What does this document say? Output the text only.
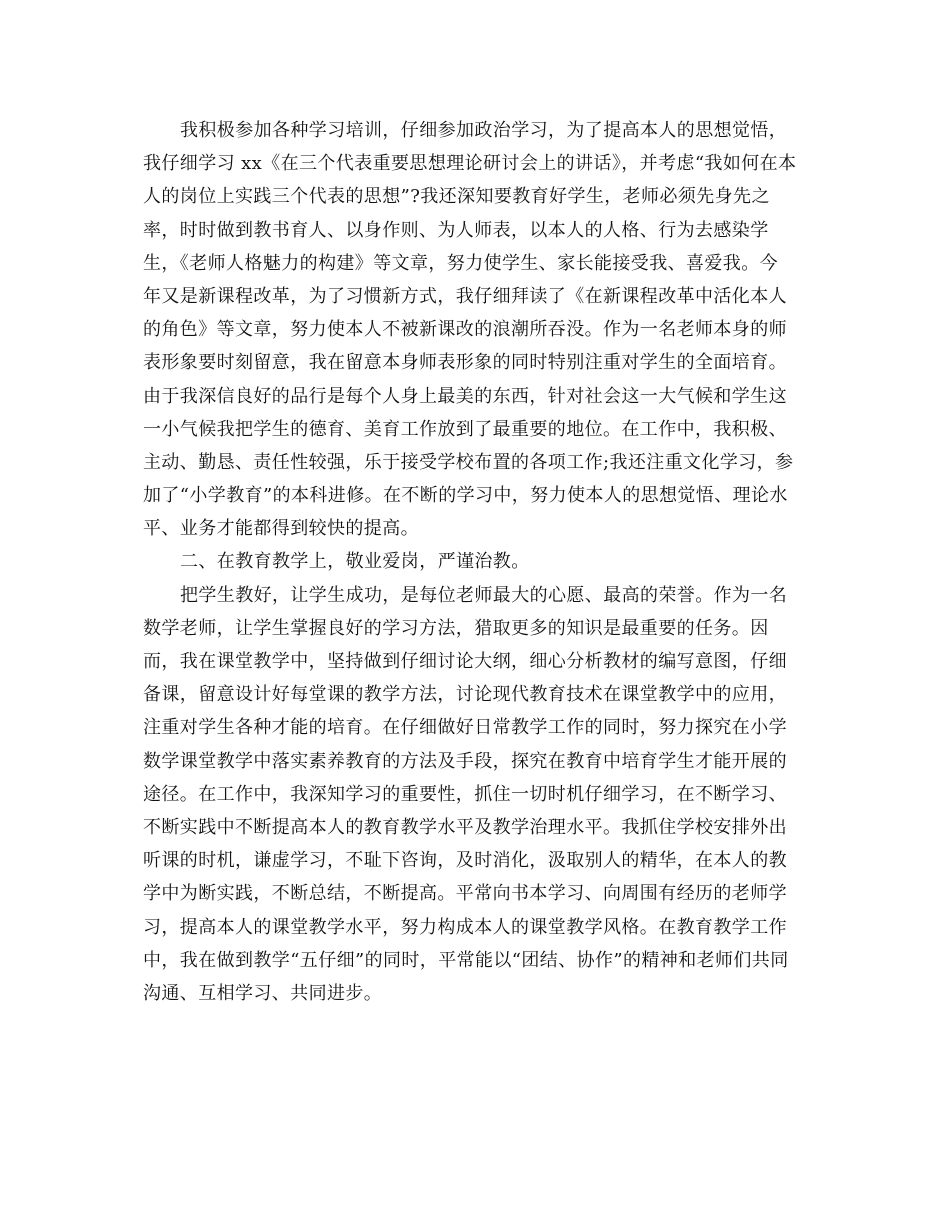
我积极参加各种学习培训，仔细参加政治学习，为了提高本人的思想觉悟，
我仔细学习 xx《在三个代表重要思想理论研讨会上的讲话》，并考虑“我如何在本
人的岗位上实践三个代表的思想”?我还深知要教育好学生，老师必须先身先之
率，时时做到教书育人、以身作则、为人师表，以本人的人格、行为去感染学
生，《老师人格魅力的构建》等文章，努力使学生、家长能接受我、喜爱我。今
年又是新课程改革，为了习惯新方式，我仔细拜读了《在新课程改革中活化本人
的角色》等文章，努力使本人不被新课改的浪潮所吞没。作为一名老师本身的师
表形象要时刻留意，我在留意本身师表形象的同时特别注重对学生的全面培育。
由于我深信良好的品行是每个人身上最美的东西，针对社会这一大气候和学生这
一小气候我把学生的德育、美育工作放到了最重要的地位。在工作中，我积极、
主动、勤恳、责任性较强，乐于接受学校布置的各项工作;我还注重文化学习，参
加了“小学教育”的本科进修。在不断的学习中，努力使本人的思想觉悟、理论水
平、业务才能都得到较快的提高。
二、在教育教学上，敬业爱岗，严谨治教。
把学生教好，让学生成功，是每位老师最大的心愿、最高的荣誉。作为一名
数学老师，让学生掌握良好的学习方法，猎取更多的知识是最重要的任务。因
而，我在课堂教学中，坚持做到仔细讨论大纲，细心分析教材的编写意图，仔细
备课，留意设计好每堂课的教学方法，讨论现代教育技术在课堂教学中的应用，
注重对学生各种才能的培育。在仔细做好日常教学工作的同时，努力探究在小学
数学课堂教学中落实素养教育的方法及手段，探究在教育中培育学生才能开展的
途径。在工作中，我深知学习的重要性，抓住一切时机仔细学习，在不断学习、
不断实践中不断提高本人的教育教学水平及教学治理水平。我抓住学校安排外出
听课的时机，谦虚学习，不耻下咨询，及时消化，汲取别人的精华，在本人的教
学中为断实践，不断总结，不断提高。平常向书本学习、向周围有经历的老师学
习，提高本人的课堂教学水平，努力构成本人的课堂教学风格。在教育教学工作
中，我在做到教学“五仔细”的同时，平常能以“团结、协作”的精神和老师们共同
沟通、互相学习、共同进步。
